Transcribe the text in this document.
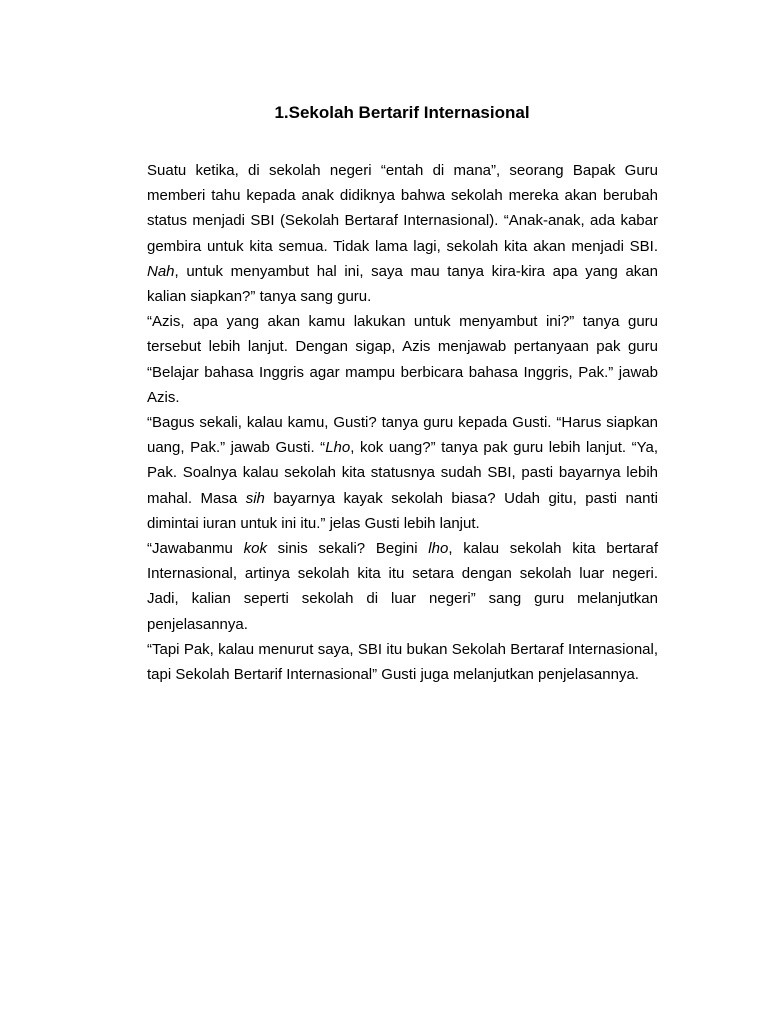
1.Sekolah Bertarif Internasional

Suatu ketika, di sekolah negeri “entah di mana”, seorang Bapak Guru memberi tahu kepada anak didiknya bahwa sekolah mereka akan berubah status menjadi SBI (Sekolah Bertaraf Internasional). “Anak-anak, ada kabar gembira untuk kita semua. Tidak lama lagi, sekolah kita akan menjadi SBI. Nah, untuk menyambut hal ini, saya mau tanya kira-kira apa yang akan kalian siapkan?” tanya sang guru.

“Azis, apa yang akan kamu lakukan untuk menyambut ini?” tanya guru tersebut lebih lanjut. Dengan sigap, Azis menjawab pertanyaan pak guru “Belajar bahasa Inggris agar mampu berbicara bahasa Inggris, Pak.” jawab Azis.

“Bagus sekali, kalau kamu, Gusti? tanya guru kepada Gusti. “Harus siapkan uang, Pak.” jawab Gusti. “Lho, kok uang?” tanya pak guru lebih lanjut. “Ya, Pak. Soalnya kalau sekolah kita statusnya sudah SBI, pasti bayarnya lebih mahal. Masa sih bayarnya kayak sekolah biasa? Udah gitu, pasti nanti dimintai iuran untuk ini itu.” jelas Gusti lebih lanjut.

“Jawabanmu kok sinis sekali? Begini lho, kalau sekolah kita bertaraf Internasional, artinya sekolah kita itu setara dengan sekolah luar negeri. Jadi, kalian seperti sekolah di luar negeri” sang guru melanjutkan penjelasannya.

“Tapi Pak, kalau menurut saya, SBI itu bukan Sekolah Bertaraf Internasional, tapi Sekolah Bertarif Internasional” Gusti juga melanjutkan penjelasannya.
